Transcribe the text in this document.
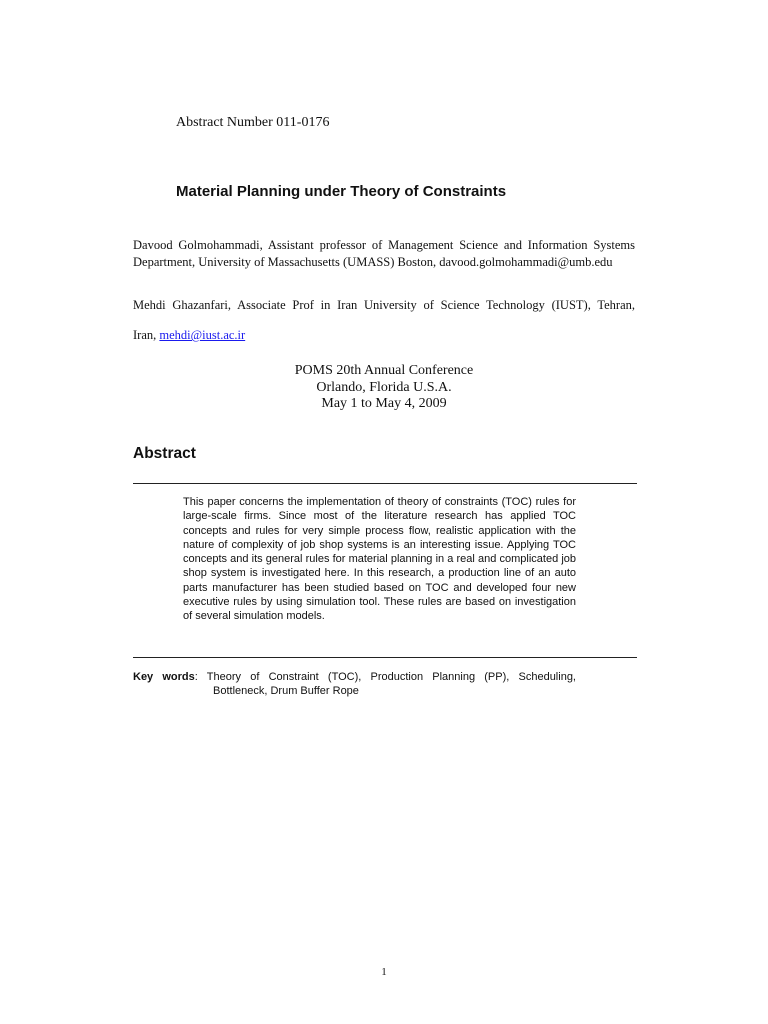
Abstract Number 011-0176
Material Planning under Theory of Constraints
Davood Golmohammadi, Assistant professor of Management Science and Information Systems
Department, University of Massachusetts (UMASS) Boston, davood.golmohammadi@umb.edu
Mehdi Ghazanfari, Associate Prof in Iran University of Science Technology (IUST), Tehran,
Iran, mehdi@iust.ac.ir
POMS 20th Annual Conference
Orlando, Florida U.S.A.
May 1 to May 4, 2009
Abstract
This paper concerns the implementation of theory of constraints (TOC) rules for large-scale firms. Since most of the literature research has applied TOC concepts and rules for very simple process flow, realistic application with the nature of complexity of job shop systems is an interesting issue. Applying TOC concepts and its general rules for material planning in a real and complicated job shop system is investigated here. In this research, a production line of an auto parts manufacturer has been studied based on TOC and developed four new executive rules by using simulation tool. These rules are based on investigation of several simulation models.
Key words: Theory of Constraint (TOC), Production Planning (PP), Scheduling,
Bottleneck, Drum Buffer Rope
1
